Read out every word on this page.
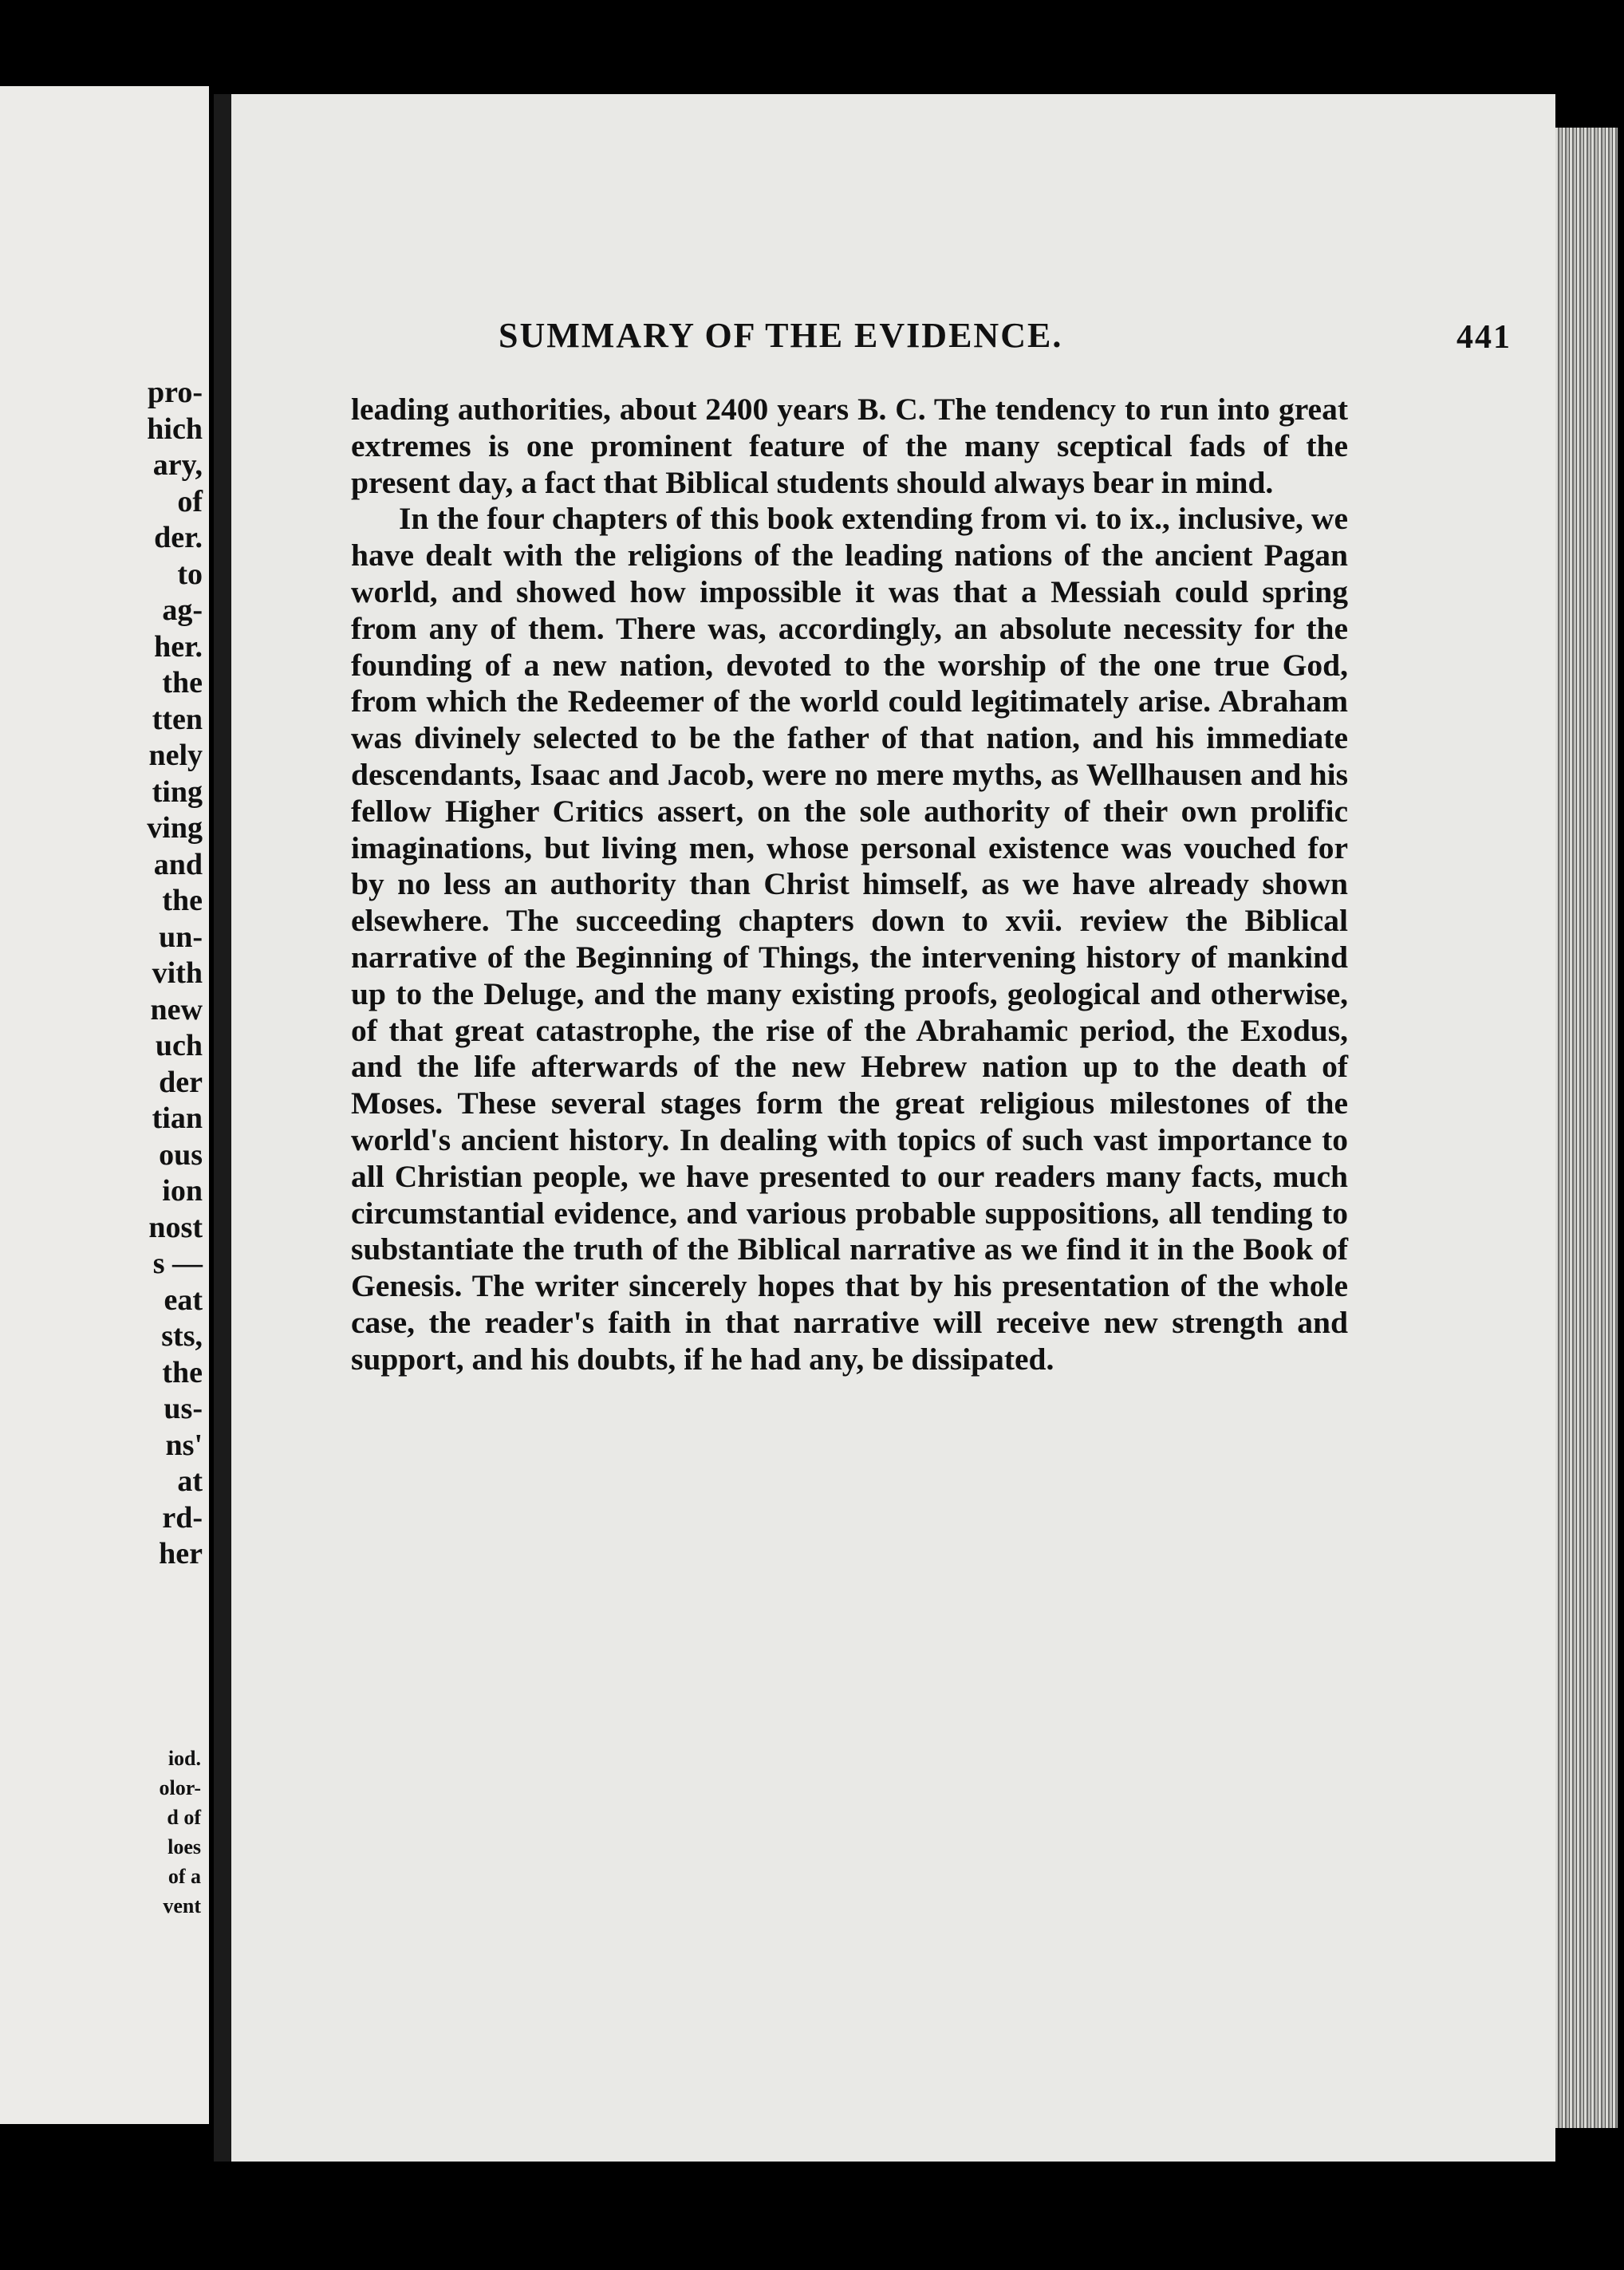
pro-
hich
ary,
of
der.
to
ag-
her.
the
tten
nely
ting
ving
and
the
un-
vith
new
uch
der
tian
ous
ion
nost
s —
eat
sts,
the
us-
ns'
at
rd-
her
iod.
olor-
d of
loes
of a
vent
SUMMARY OF THE EVIDENCE.	441

leading authorities, about 2400 years B. C. The tendency to run into great extremes is one prominent feature of the many sceptical fads of the present day, a fact that Biblical students should always bear in mind.

In the four chapters of this book extending from vi. to ix., inclusive, we have dealt with the religions of the leading nations of the ancient Pagan world, and showed how impossible it was that a Messiah could spring from any of them. There was, accordingly, an absolute necessity for the founding of a new nation, devoted to the worship of the one true God, from which the Redeemer of the world could legitimately arise. Abraham was divinely selected to be the father of that nation, and his immediate descendants, Isaac and Jacob, were no mere myths, as Wellhausen and his fellow Higher Critics assert, on the sole authority of their own prolific imaginations, but living men, whose personal existence was vouched for by no less an authority than Christ himself, as we have already shown elsewhere. The succeeding chapters down to xvii. review the Biblical narrative of the Beginning of Things, the intervening history of mankind up to the Deluge, and the many existing proofs, geological and otherwise, of that great catastrophe, the rise of the Abrahamic period, the Exodus, and the life afterwards of the new Hebrew nation up to the death of Moses. These several stages form the great religious milestones of the world's ancient history. In dealing with topics of such vast importance to all Christian people, we have presented to our readers many facts, much circumstantial evidence, and various probable suppositions, all tending to substantiate the truth of the Biblical narrative as we find it in the Book of Genesis. The writer sincerely hopes that by his presentation of the whole case, the reader's faith in that narrative will receive new strength and support, and his doubts, if he had any, be dissipated.
